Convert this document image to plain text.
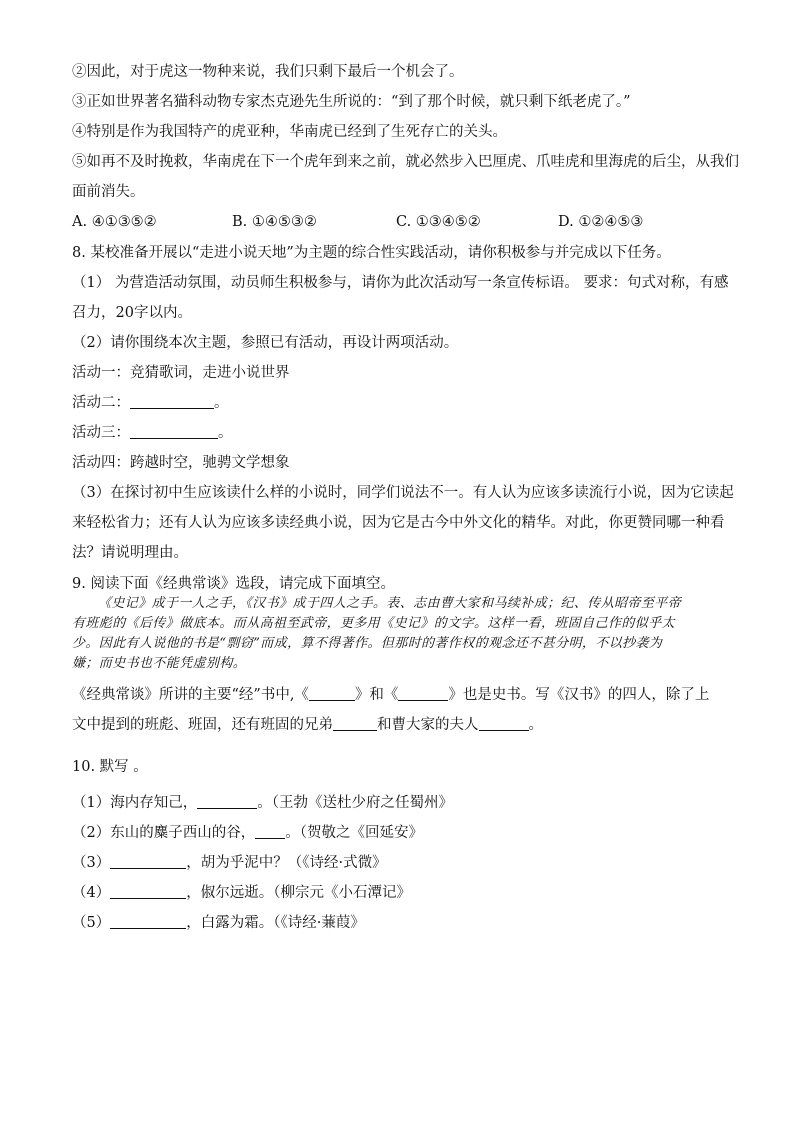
②因此，对于虎这一物种来说，我们只剩下最后一个机会了。

③正如世界著名猫科动物专家杰克逊先生所说的：“到了那个时候，就只剩下纸老虎了。”

④特别是作为我国特产的虎亚种，华南虎已经到了生死存亡的关头。

⑤如再不及时挽救，华南虎在下一个虎年到来之前，就必然步入巴厘虎、爪哇虎和里海虎的后尘，从我们

面前消失。

A. ④①③⑤②	B. ①④⑤③②	C. ①③④⑤②	D. ①②④⑤③

8. 某校准备开展以“走进小说天地”为主题的综合性实践活动，请你积极参与并完成以下任务。

（1） 为营造活动氛围，动员师生积极参与，请你为此次活动写一条宣传标语。 要求：句式对称，有感

召力，20字以内。

（2）请你围绕本次主题，参照已有活动，再设计两项活动。

活动一：竞猜歌词，走进小说世界

活动二：	。

活动三：	。

活动四：跨越时空，驰骋文学想象

（3）在探讨初中生应该读什么样的小说时，同学们说法不一。有人认为应该多读流行小说，因为它读起

来轻松省力；还有人认为应该多读经典小说，因为它是古今中外文化的精华。对此，你更赞同哪一种看

法？请说明理由。

9. 阅读下面《经典常谈》选段，请完成下面填空。

《史记》成于一人之手，《汉书》成于四人之手。表、志由曹大家和马续补成；纪、传从昭帝至平帝

有班彪的《后传》做底本。而从高祖至武帝，更多用《史记》的文字。这样一看，班固自己作的似乎太

少。因此有人说他的书是“剽窃”而成，算不得著作。但那时的著作权的观念还不甚分明，不以抄袭为

嫌；而史书也不能凭虚别构。

《经典常谈》所讲的主要“经”书中,《	》和《	》也是史书。写《汉书》的四人，除了上

文中提到的班彪、班固，还有班固的兄弟	和曹大家的夫人	。

10. 默写 。

（1）海内存知己，	。（王勃《送杜少府之任蜀州》

（2）东山的麋子西山的谷， 。（贺敬之《回延安》

（3）	，胡为乎泥中？（《诗经·式微》

（4）	，俶尔远逝。（柳宗元《小石潭记》

（5）	，白露为霜。（《诗经·蒹葭》
